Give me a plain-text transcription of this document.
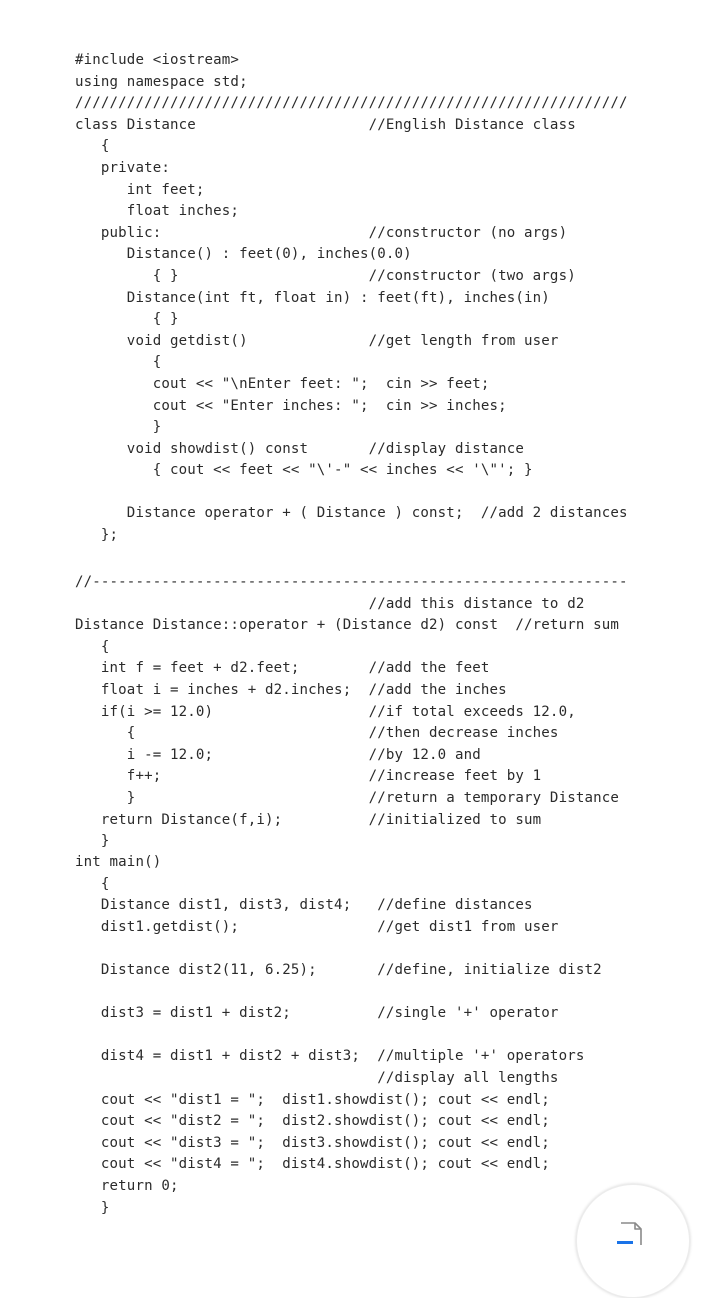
#include <iostream>
using namespace std;
////////////////////////////////////////////////////////////////
class Distance                    //English Distance class
{
private:
int feet;
float inches;
public:                        //constructor (no args)
Distance() : feet(0), inches(0.0)
{ }                      //constructor (two args)
Distance(int ft, float in) : feet(ft), inches(in)
{ }
void getdist()              //get length from user
{
cout << "\nEnter feet: ";  cin >> feet;
cout << "Enter inches: ";  cin >> inches;
}
void showdist() const       //display distance
{ cout << feet << "\'-" << inches << '\"'; }
Distance operator + ( Distance ) const;  //add 2 distances
};
//--------------------------------------------------------------
//add this distance to d2
Distance Distance::operator + (Distance d2) const  //return sum
{
int f = feet + d2.feet;        //add the feet
float i = inches + d2.inches;  //add the inches
if(i >= 12.0)                  //if total exceeds 12.0,
{                           //then decrease inches
i -= 12.0;                  //by 12.0 and
f++;                        //increase feet by 1
}                           //return a temporary Distance
return Distance(f,i);          //initialized to sum
}
int main()
{
Distance dist1, dist3, dist4;   //define distances
dist1.getdist();                //get dist1 from user
Distance dist2(11, 6.25);       //define, initialize dist2
dist3 = dist1 + dist2;          //single '+' operator
dist4 = dist1 + dist2 + dist3;  //multiple '+' operators
//display all lengths
cout << "dist1 = ";  dist1.showdist(); cout << endl;
cout << "dist2 = ";  dist2.showdist(); cout << endl;
cout << "dist3 = ";  dist3.showdist(); cout << endl;
cout << "dist4 = ";  dist4.showdist(); cout << endl;
return 0;
}
